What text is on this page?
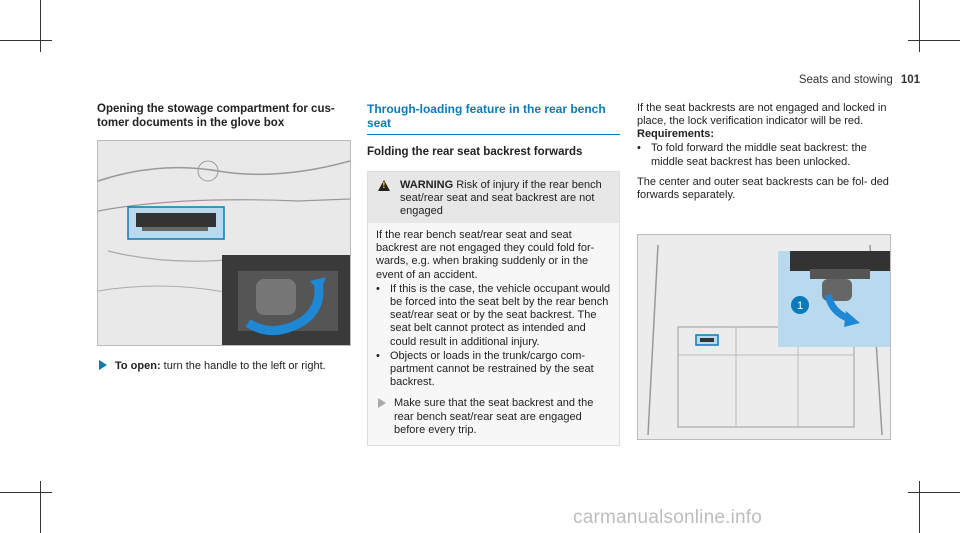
Seats and stowing 101
Opening the stowage compartment for cus- tomer documents in the glove box
To open: turn the handle to the left or right.
Through-loading feature in the rear bench seat
Folding the rear seat backrest forwards
!

WARNING Risk of injury if the rear bench seat/rear seat and seat backrest are not engaged

If the rear bench seat/rear seat and seat backrest are not engaged they could fold for- wards, e.g. when braking suddenly or in the event of an accident.

• If this is the case, the vehicle occupant would be forced into the seat belt by the rear bench seat/rear seat or by the seat backrest. The seat belt cannot protect as intended and could result in additional injury.

• Objects or loads in the trunk/cargo com- partment cannot be restrained by the seat backrest.

Make sure that the seat backrest and the rear bench seat/rear seat are engaged before every trip.

If the seat backrests are not engaged and locked in place, the lock verification indicator will be red.

Requirements:
• To fold forward the middle seat backrest: the middle seat backrest has been unlocked.

The center and outer seat backrests can be fol- ded forwards separately.

1
carmanualsonline.info
